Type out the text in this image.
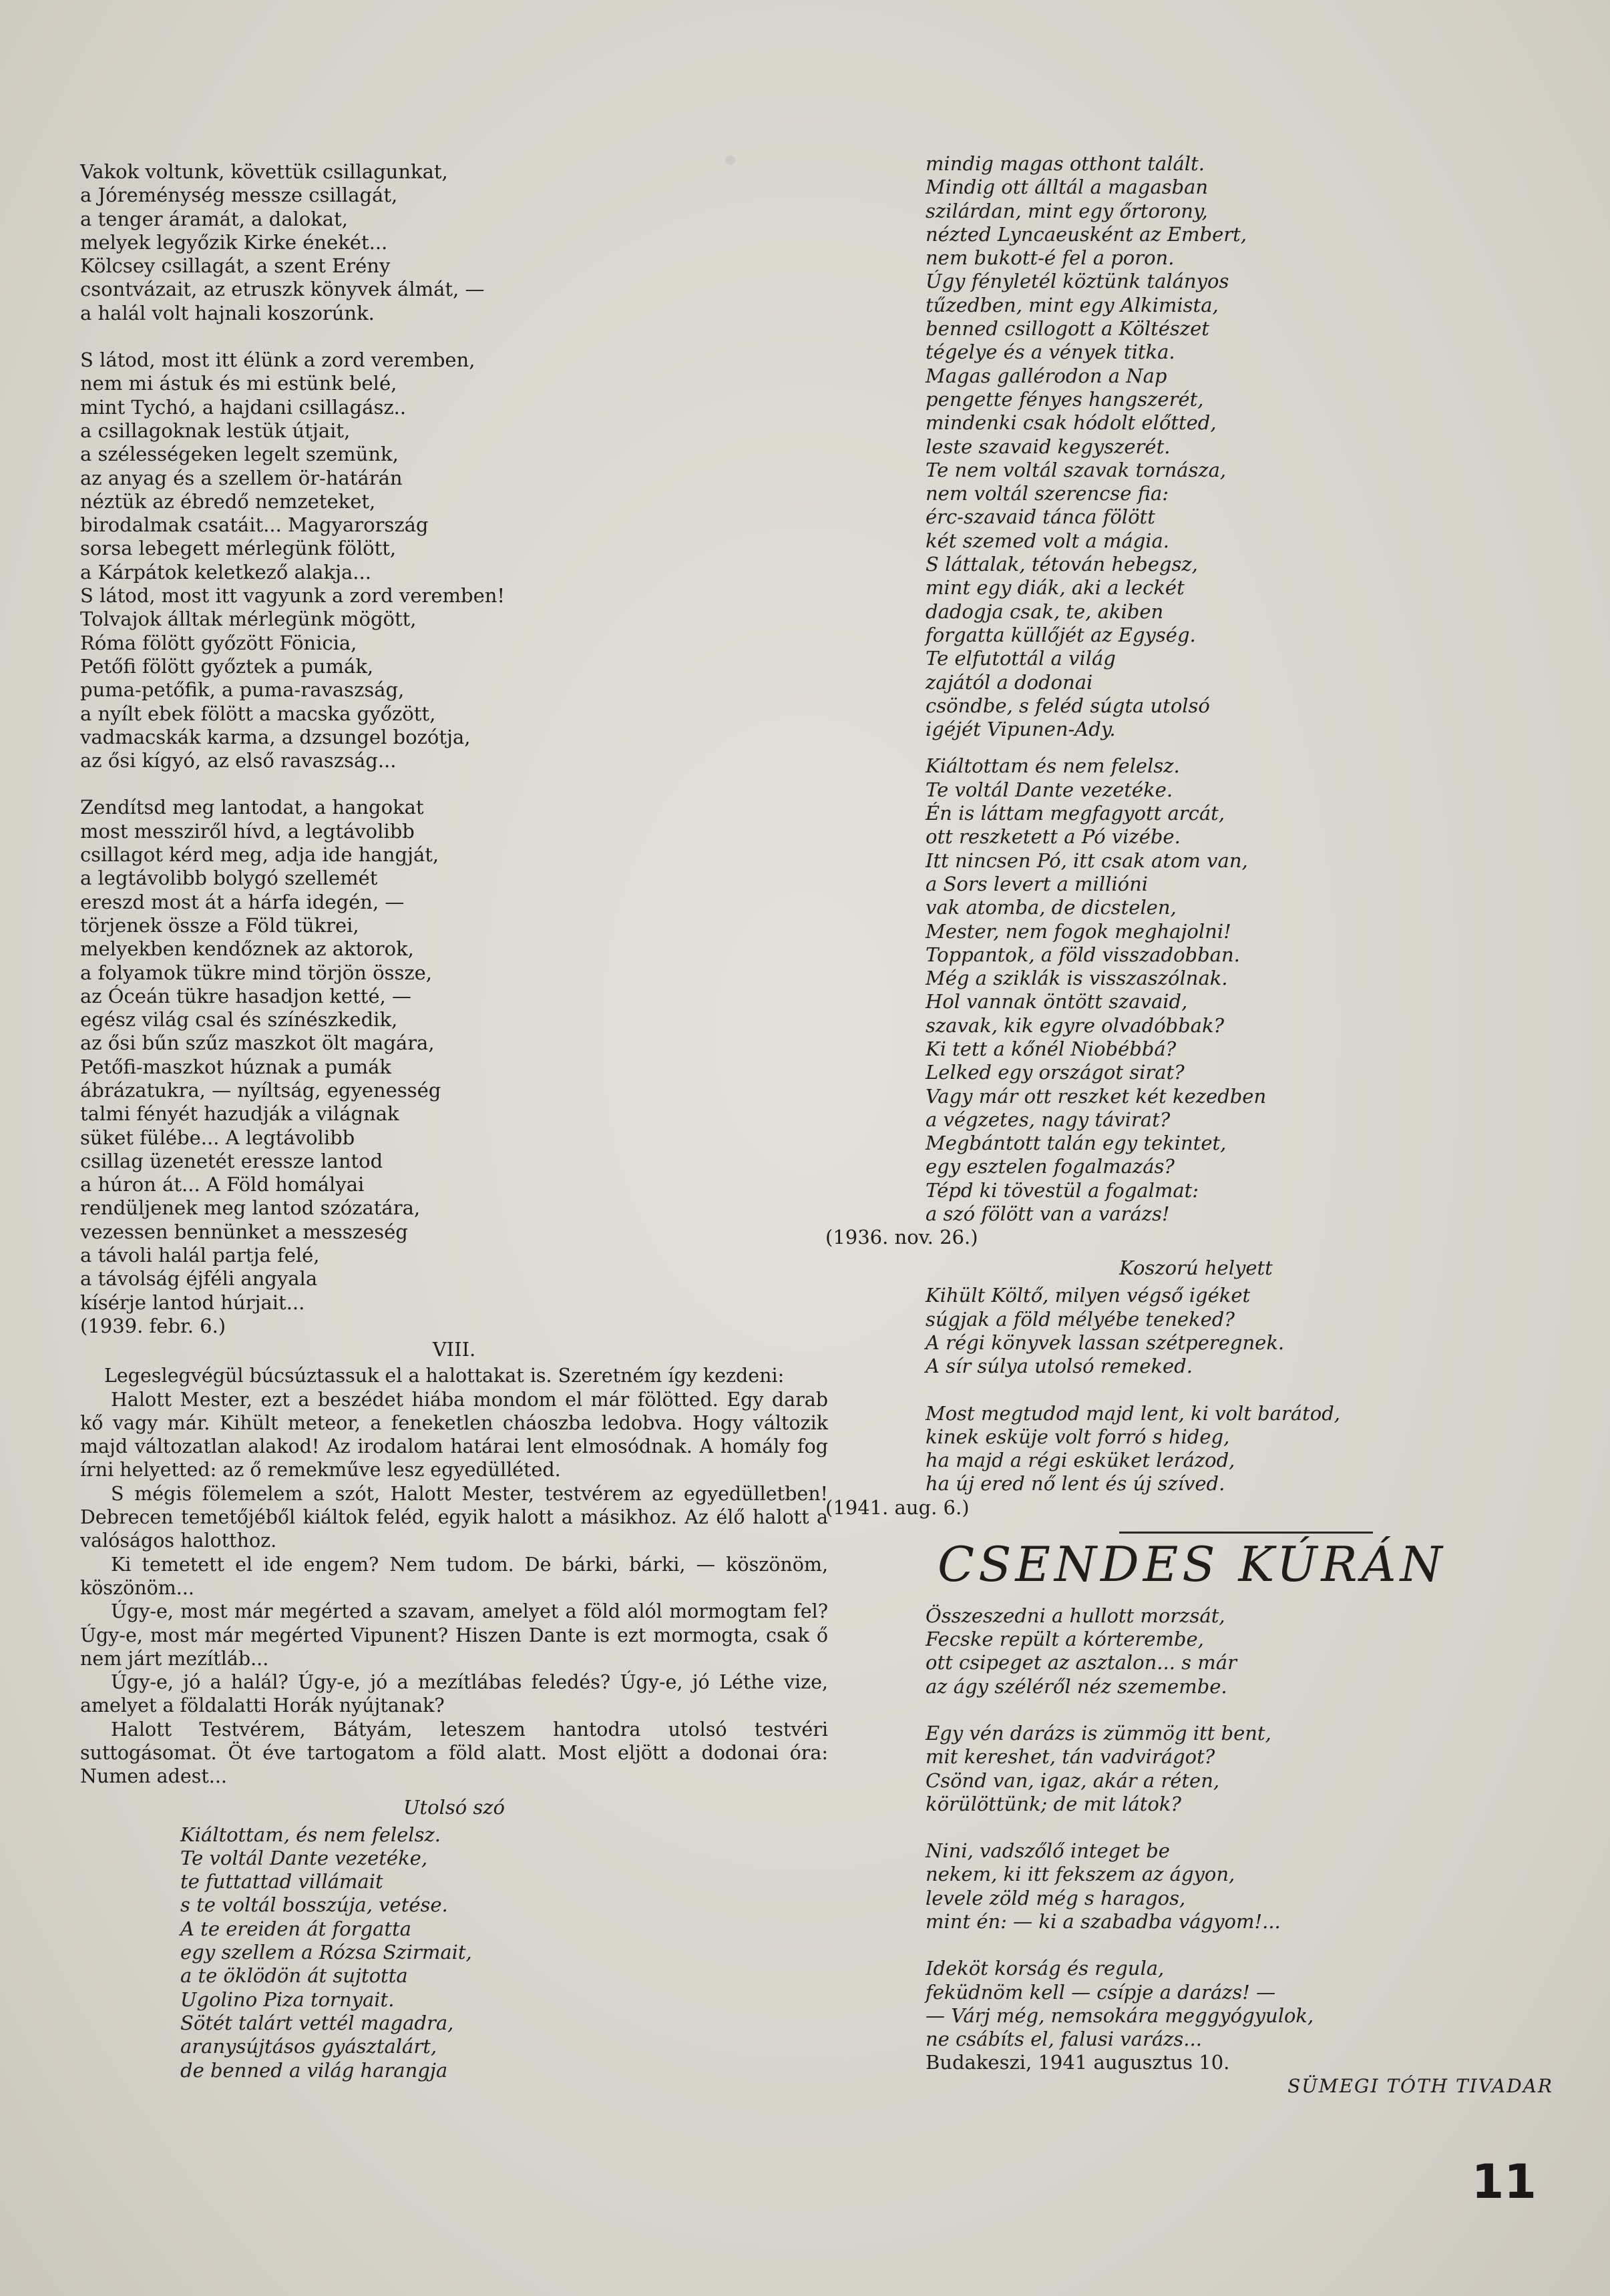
·
Vakok voltunk, követtük csillagunkat,
a Jóreménység messze csillagát,
a tenger áramát, a dalokat,
melyek legyőzik Kirke énekét...
Kölcsey csillagát, a szent Erény
csontvázait, az etruszk könyvek álmát, —
a halál volt hajnali koszorúnk.
S látod, most itt élünk a zord veremben,
nem mi ástuk és mi estünk belé,
mint Tychó, a hajdani csillagász..
a csillagoknak lestük útjait,
a szélességeken legelt szemünk,
az anyag és a szellem ör-határán
néztük az ébredő nemzeteket,
birodalmak csatáit... Magyarország
sorsa lebegett mérlegünk fölött,
a Kárpátok keletkező alakja...
S látod, most itt vagyunk a zord veremben!
Tolvajok álltak mérlegünk mögött,
Róma fölött győzött Fönicia,
Petőfi fölött győztek a pumák,
puma-petőfik, a puma-ravaszság,
a nyílt ebek fölött a macska győzött,
vadmacskák karma, a dzsungel bozótja,
az ősi kígyó, az első ravaszság...
Zendítsd meg lantodat, a hangokat
most messziről hívd, a legtávolibb
csillagot kérd meg, adja ide hangját,
a legtávolibb bolygó szellemét
ereszd most át a hárfa idegén, —
törjenek össze a Föld tükrei,
melyekben kendőznek az aktorok,
a folyamok tükre mind törjön össze,
az Óceán tükre hasadjon ketté, —
egész világ csal és színészkedik,
az ősi bűn szűz maszkot ölt magára,
Petőfi-maszkot húznak a pumák
ábrázatukra, — nyíltság, egyenesség
talmi fényét hazudják a világnak
süket fülébe... A legtávolibb
csillag üzenetét eressze lantod
a húron át... A Föld homályai
rendüljenek meg lantod szózatára,
vezessen bennünket a messzeség
a távoli halál partja felé,
a távolság éjféli angyala
kísérje lantod húrjait...
(1939. febr. 6.)
VIII.

Legeslegvégül búcsúztassuk el a halottakat is. Szeretném így kezdeni:

Halott Mester, ezt a beszédet hiába mondom el már fölötted. Egy darab kő vagy már. Kihült meteor, a feneketlen cháoszba ledobva. Hogy változik majd változatlan alakod! Az irodalom határai lent elmosódnak. A homály fog írni helyetted: az ő remekműve lesz egyedülléted.

S mégis fölemelem a szót, Halott Mester, testvérem az egyedülletben! Debrecen temetőjéből kiáltok feléd, egyik halott a másikhoz. Az élő halott a valóságos halotthoz.

Ki temetett el ide engem? Nem tudom. De bárki, bárki, — köszönöm, köszönöm...

Úgy-e, most már megérted a szavam, amelyet a föld alól mormogtam fel? Úgy-e, most már megérted Vipunent? Hiszen Dante is ezt mormogta, csak ő nem járt mezítláb...

Úgy-e, jó a halál? Úgy-e, jó a mezítlábas feledés? Úgy-e, jó Léthe vize, amelyet a földalatti Horák nyújtanak?

Halott Testvérem, Bátyám, leteszem hantodra utolsó testvéri suttogásomat. Öt éve tartogatom a föld alatt. Most eljött a dodonai óra: Numen adest...

Utolsó szó
Kiáltottam, és nem felelsz.
Te voltál Dante vezetéke,
te futtattad villámait
s te voltál bosszúja, vetése.
A te ereiden át forgatta
egy szellem a Rózsa Szirmait,
a te öklödön át sujtotta
Ugolino Piza tornyait.
Sötét talárt vettél magadra,
aranysújtásos gyásztalárt,
de benned a világ harangja
mindig magas otthont talált.
Mindig ott álltál a magasban
szilárdan, mint egy őrtorony,
nézted Lyncaeusként az Embert,
nem bukott-é fel a poron.
Úgy fényletél köztünk talányos
tűzedben, mint egy Alkimista,
benned csillogott a Költészet
tégelye és a vények titka.
Magas gallérodon a Nap
pengette fényes hangszerét,
mindenki csak hódolt előtted,
leste szavaid kegyszerét.
Te nem voltál szavak tornásza,
nem voltál szerencse fia:
érc-szavaid tánca fölött
két szemed volt a mágia.
S láttalak, tétován hebegsz,
mint egy diák, aki a leckét
dadogja csak, te, akiben
forgatta küllőjét az Egység.
Te elfutottál a világ
zajától a dodonai
csöndbe, s feléd súgta utolsó
igéjét Vipunen-Ady.
Kiáltottam és nem felelsz.
Te voltál Dante vezetéke.
Én is láttam megfagyott arcát,
ott reszketett a Pó vizébe.
Itt nincsen Pó, itt csak atom van,
a Sors levert a millióni
vak atomba, de dicstelen,
Mester, nem fogok meghajolni!
Toppantok, a föld visszadobban.
Még a sziklák is visszaszólnak.
Hol vannak öntött szavaid,
szavak, kik egyre olvadóbbak?
Ki tett a kőnél Niobébbá?
Lelked egy országot sirat?
Vagy már ott reszket két kezedben
a végzetes, nagy távirat?
Megbántott talán egy tekintet,
egy esztelen fogalmazás?
Tépd ki tövestül a fogalmat:
a szó fölött van a varázs!
(1936. nov. 26.)
Koszorú helyett
Kihült Költő, milyen végső igéket
súgjak a föld mélyébe teneked?
A régi könyvek lassan szétperegnek.
A sír súlya utolsó remeked.
Most megtudod majd lent, ki volt barátod,
kinek esküje volt forró s hideg,
ha majd a régi esküket lerázod,
ha új ered nő lent és új szíved.
(1941. aug. 6.)
CSENDES KÚRÁN
Összeszedni a hullott morzsát,
Fecske repült a kórterembe,
ott csipeget az asztalon... s már
az ágy széléről néz szemembe.
Egy vén darázs is zümmög itt bent,
mit kereshet, tán vadvirágot?
Csönd van, igaz, akár a réten,
körülöttünk; de mit látok?
Nini, vadszőlő integet be
nekem, ki itt fekszem az ágyon,
levele zöld még s haragos,
mint én: — ki a szabadba vágyom!...
Ideköt korság és regula,
feküdnöm kell — csípje a darázs! —
— Várj még, nemsokára meggyógyulok,
ne csábíts el, falusi varázs...
Budakeszi, 1941 augusztus 10.
SÜMEGI TÓTH TIVADAR
11
